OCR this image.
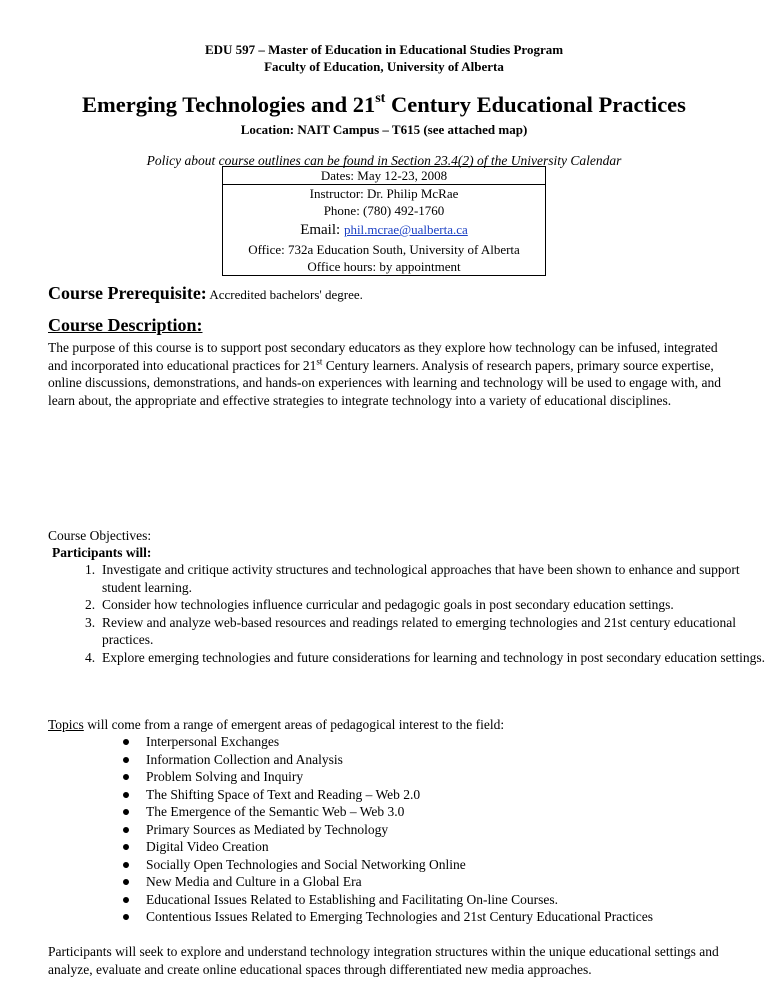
EDU 597 – Master of Education in Educational Studies Program
Faculty of Education, University of Alberta
Emerging Technologies and 21st Century Educational Practices
Location: NAIT Campus – T615 (see attached map)
Policy about course outlines can be found in Section 23.4(2) of the University Calendar
Dates: May 12-23, 2008
Instructor: Dr. Philip McRae
Phone: (780) 492-1760
Email: phil.mcrae@ualberta.ca
Office: 732a Education South, University of Alberta
Office hours: by appointment
Course Prerequisite: Accredited bachelors' degree.
Course Description:
The purpose of this course is to support post secondary educators as they explore how technology can be infused, integrated and incorporated into educational practices for 21st Century learners. Analysis of research papers, primary source expertise, online discussions, demonstrations, and hands-on experiences with learning and technology will be used to engage with, and learn about, the appropriate and effective strategies to integrate technology into a variety of educational disciplines.
Course Objectives:
Participants will:
1. Investigate and critique activity structures and technological approaches that have been shown to enhance and support student learning.
2. Consider how technologies influence curricular and pedagogic goals in post secondary education settings.
3. Review and analyze web-based resources and readings related to emerging technologies and 21st century educational practices.
4. Explore emerging technologies and future considerations for learning and technology in post secondary education settings.
Topics will come from a range of emergent areas of pedagogical interest to the field:
Interpersonal Exchanges
Information Collection and Analysis
Problem Solving and Inquiry
The Shifting Space of Text and Reading – Web 2.0
The Emergence of the Semantic Web – Web 3.0
Primary Sources as Mediated by Technology
Digital Video Creation
Socially Open Technologies and Social Networking Online
New Media and Culture in a Global Era
Educational Issues Related to Establishing and Facilitating On-line Courses.
Contentious Issues Related to Emerging Technologies and 21st Century Educational Practices
Participants will seek to explore and understand technology integration structures within the unique educational settings and analyze, evaluate and create online educational spaces through differentiated new media approaches.
